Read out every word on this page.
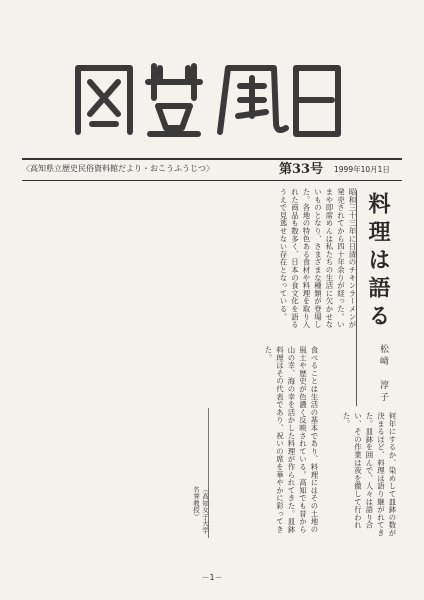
〈高知県立歴史民俗資料館だより・おこうふうじつ〉	第33号 1999年10月1日
料理は語る
松﨑　淳子
昭和三十三年に日清のチキンラーメンが発売されてから四十年余りが経った。いまや即席めんは私たちの生活に欠かせないものとなり、さまざまな種類が登場した。各地の特色ある食材や料理を取り入れた商品も数多く、日本の食文化を語るうえで見逃せない存在となっている。
食べることは生活の基本であり、料理にはその土地の風土や歴史が色濃く反映されている。高知でも昔から山の幸、海の幸を活かした料理が作られてきた。皿鉢料理はその代表であり、祝いの席を華やかに彩ってきた。
何年にするか、染めして皿鉢の数が決まるほど、料理は語り継がれてきた。皿鉢を囲んで、人々は語り合い、その作業は夜を徹して行われた。
（高知女子大学名誉教授）
－1－
